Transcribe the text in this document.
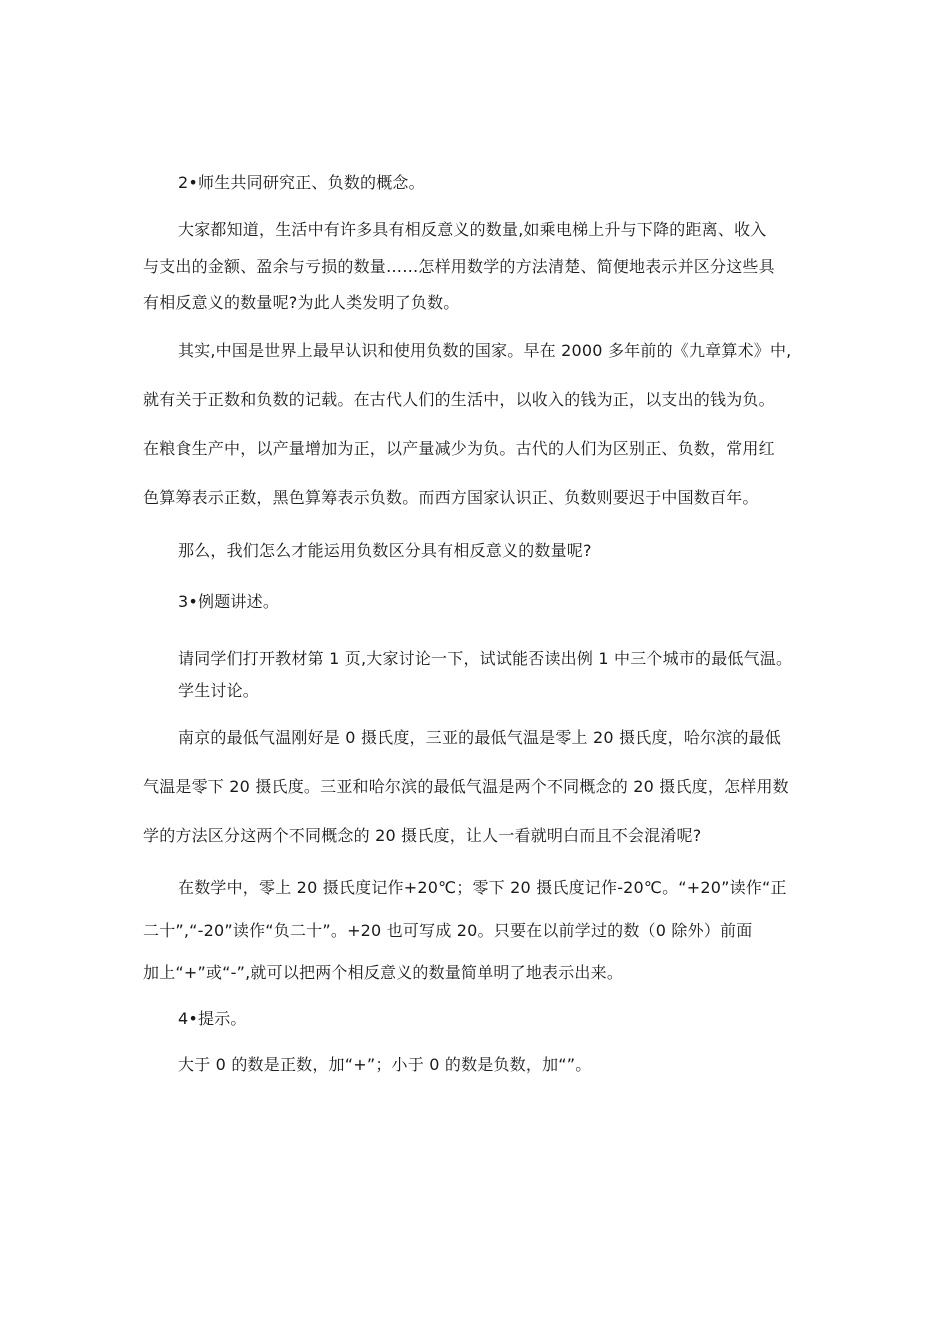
2•师生共同研究正、负数的概念。
大家都知道，生活中有许多具有相反意义的数量,如乘电梯上升与下降的距离、收入
与支出的金额、盈余与亏损的数量……怎样用数学的方法清楚、简便地表示并区分这些具
有相反意义的数量呢?为此人类发明了负数。
其实,中国是世界上最早认识和使用负数的国家。早在 2000 多年前的《九章算术》中,
就有关于正数和负数的记载。在古代人们的生活中，以收入的钱为正，以支出的钱为负。
在粮食生产中，以产量增加为正，以产量减少为负。古代的人们为区别正、负数，常用红
色算筹表示正数，黑色算筹表示负数。而西方国家认识正、负数则要迟于中国数百年。
那么，我们怎么才能运用负数区分具有相反意义的数量呢?
3•例题讲述。
请同学们打开教材第 1 页,大家讨论一下，试试能否读出例 1 中三个城市的最低气温。
学生讨论。
南京的最低气温刚好是 0 摄氏度，三亚的最低气温是零上 20 摄氏度，哈尔滨的最低
气温是零下 20 摄氏度。三亚和哈尔滨的最低气温是两个不同概念的 20 摄氏度，怎样用数
学的方法区分这两个不同概念的 20 摄氏度，让人一看就明白而且不会混淆呢?
在数学中，零上 20 摄氏度记作+20℃；零下 20 摄氏度记作-20℃。“+20”读作“正
二十”,“-20”读作“负二十”。+20 也可写成 20。只要在以前学过的数（0 除外）前面
加上“+”或“-”,就可以把两个相反意义的数量简单明了地表示出来。
4•提示。
大于 0 的数是正数，加“+”；小于 0 的数是负数，加“”。
